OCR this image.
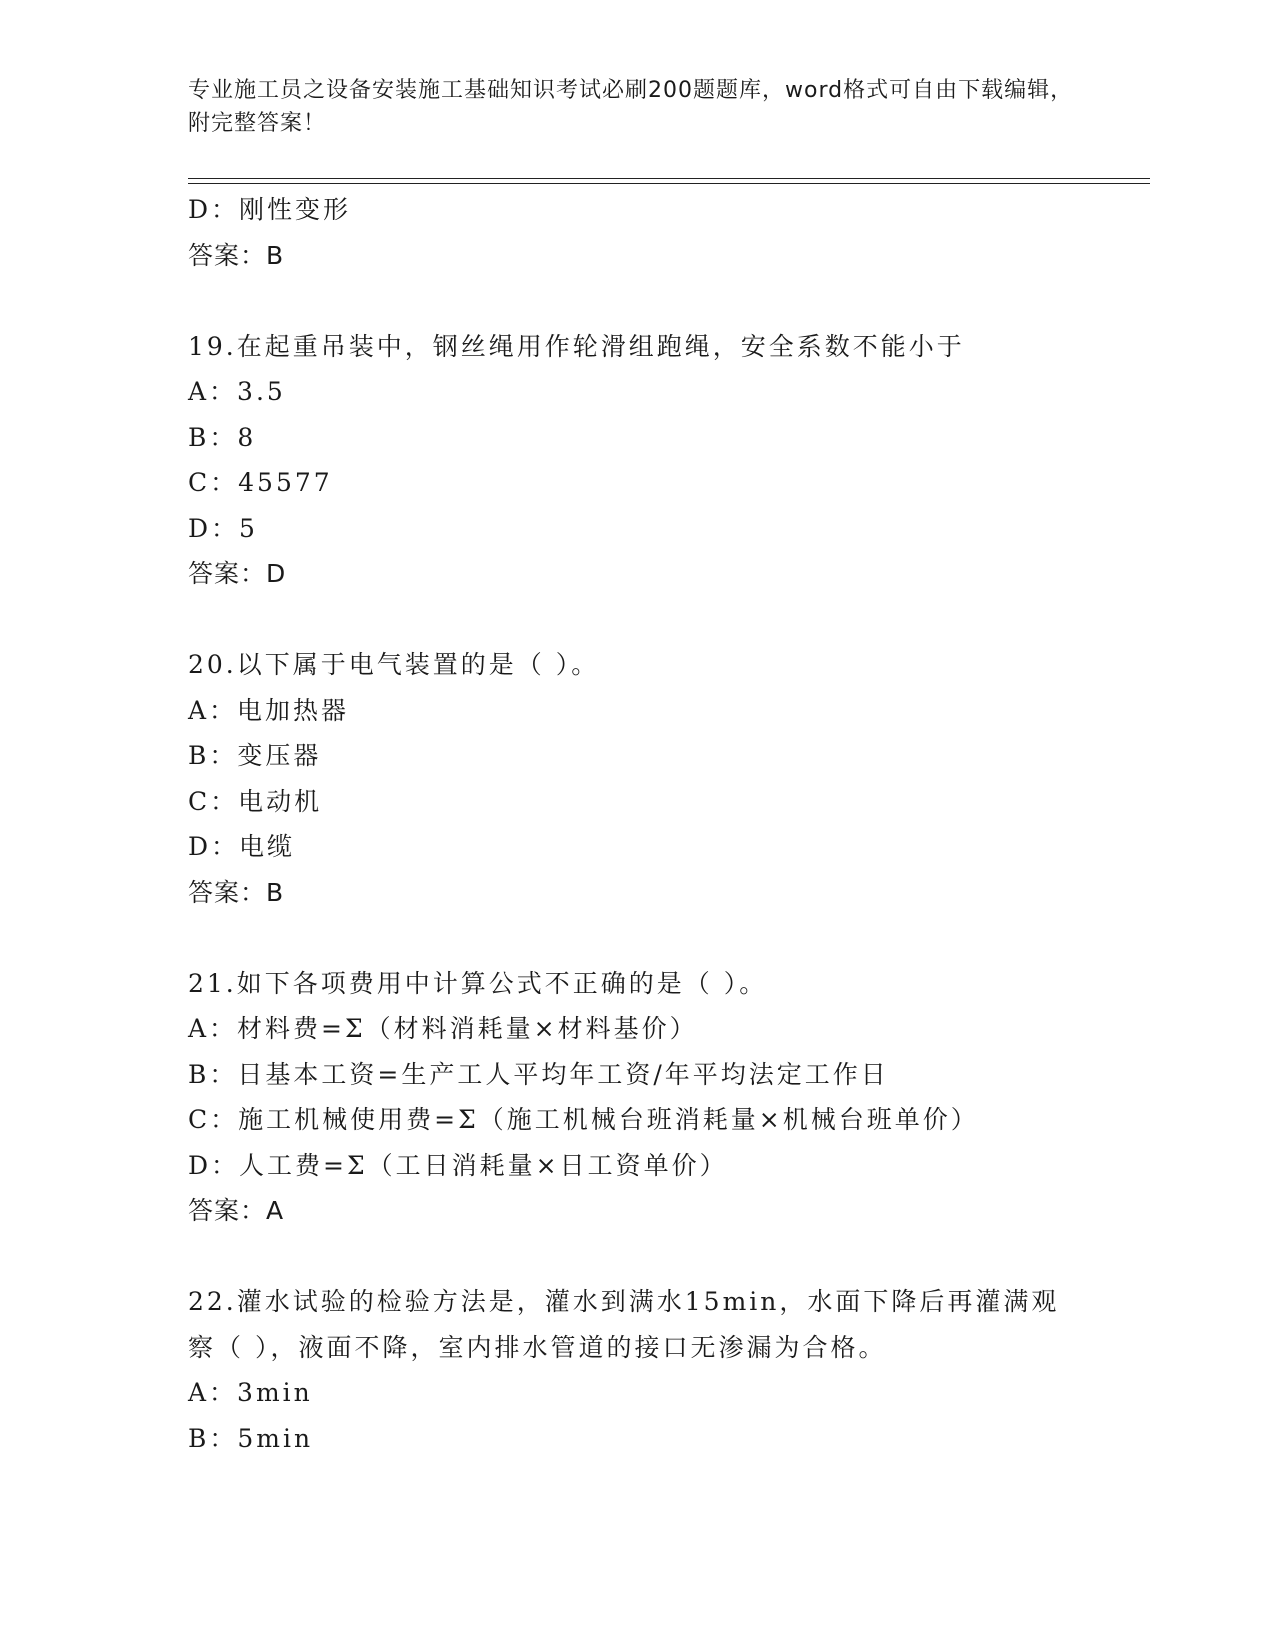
专业施工员之设备安装施工基础知识考试必刷200题题库，word格式可自由下载编辑，附完整答案！
D：刚性变形
答案：B
19.在起重吊装中，钢丝绳用作轮滑组跑绳，安全系数不能小于
A：3.5
B：8
C：45577
D：5
答案：D
20.以下属于电气装置的是（ ）。
A：电加热器
B：变压器
C：电动机
D：电缆
答案：B
21.如下各项费用中计算公式不正确的是（ ）。
A：材料费=Σ（材料消耗量×材料基价）
B：日基本工资=生产工人平均年工资/年平均法定工作日
C：施工机械使用费=Σ（施工机械台班消耗量×机械台班单价）
D：人工费=Σ（工日消耗量×日工资单价）
答案：A
22.灌水试验的检验方法是，灌水到满水15min，水面下降后再灌满观
察（ ），液面不降，室内排水管道的接口无渗漏为合格。
A：3min
B：5min
